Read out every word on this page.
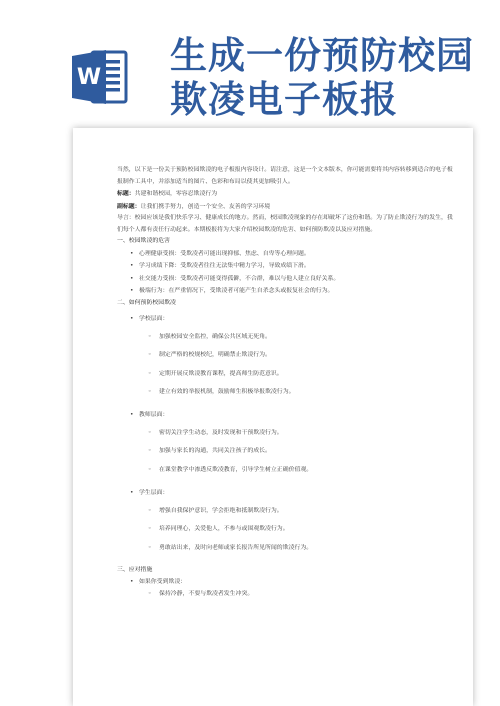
W
生成一份预防校园
欺凌电子板报

当然，以下是一份关于预防校园欺凌的电子板报内容设计。请注意，这是一个文本版本，你可能需要将其内容转移到适合的电子板报制作工具中，并添加适当的图片、色彩和布局以使其更加吸引人。

标题：共建和谐校园，零容忍欺凌行为

副标题：让我们携手努力，创造一个安全、友善的学习环境

导言：校园应该是我们快乐学习、健康成长的地方。然而，校园欺凌现象的存在却破坏了这份和谐。为了防止欺凌行为的发生，我们每个人都有责任行动起来。本期板报将为大家介绍校园欺凌的危害、如何预防欺凌以及应对措施。

一、校园欺凌的危害

• 心理健康受损：受欺凌者可能出现抑郁、焦虑、自卑等心理问题。
• 学习成绩下降：受欺凌者往往无法集中精力学习，导致成绩下滑。
• 社交能力受损：受欺凌者可能变得孤僻，不合群，难以与他人建立良好关系。
• 极端行为：在严重情况下，受欺凌者可能产生自杀念头或报复社会的行为。

二、如何预防校园欺凌

• 学校层面：
◦ 加强校园安全监控，确保公共区域无死角。
◦ 制定严格的校规校纪，明确禁止欺凌行为。
◦ 定期开展反欺凌教育课程，提高师生防范意识。
◦ 建立有效的举报机制，鼓励师生积极举报欺凌行为。
• 教师层面：
◦ 密切关注学生动态，及时发现和干预欺凌行为。
◦ 加强与家长的沟通，共同关注孩子的成长。
◦ 在课堂教学中渗透反欺凌教育，引导学生树立正确价值观。
• 学生层面：
◦ 增强自我保护意识，学会拒绝和抵制欺凌行为。
◦ 培养同理心，关爱他人，不参与或围观欺凌行为。
◦ 勇敢站出来，及时向老师或家长报告所见所闻的欺凌行为。

三、应对措施

• 如果你受到欺凌：
◦ 保持冷静，不要与欺凌者发生冲突。
